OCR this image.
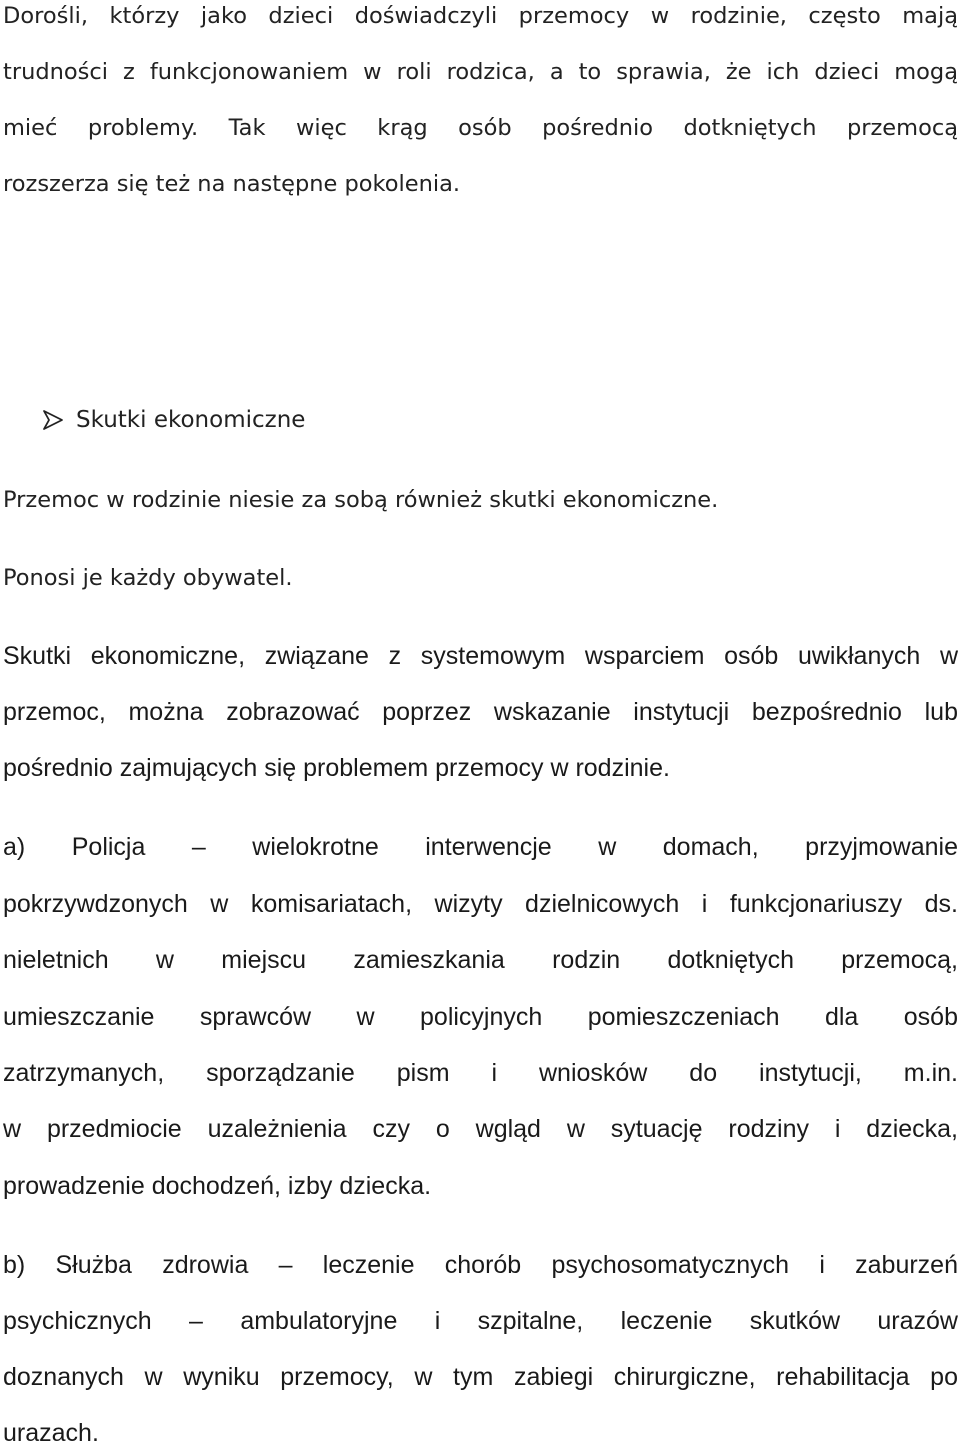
Dorośli, którzy jako dzieci doświadczyli przemocy w rodzinie, często mają
trudności z funkcjonowaniem w roli rodzica, a to sprawia, że ich dzieci mogą
mieć problemy. Tak więc krąg osób pośrednio dotkniętych przemocą
rozszerza się też na następne pokolenia.
Skutki ekonomiczne
Przemoc w rodzinie niesie za sobą również skutki ekonomiczne.
Ponosi je każdy obywatel.
Skutki ekonomiczne, związane z systemowym wsparciem osób uwikłanych w
przemoc, można zobrazować poprzez wskazanie instytucji bezpośrednio lub
pośrednio zajmujących się problemem przemocy w rodzinie.
a) Policja – wielokrotne interwencje w domach, przyjmowanie
pokrzywdzonych w komisariatach, wizyty dzielnicowych i funkcjonariuszy ds.
nieletnich w miejscu zamieszkania rodzin dotkniętych przemocą,
umieszczanie sprawców w policyjnych pomieszczeniach dla osób
zatrzymanych, sporządzanie pism i wniosków do instytucji, m.in.
w przedmiocie uzależnienia czy o wgląd w sytuację rodziny i dziecka,
prowadzenie dochodzeń, izby dziecka.
b) Służba zdrowia – leczenie chorób psychosomatycznych i zaburzeń
psychicznych – ambulatoryjne i szpitalne, leczenie skutków urazów
doznanych w wyniku przemocy, w tym zabiegi chirurgiczne, rehabilitacja po
urazach.
